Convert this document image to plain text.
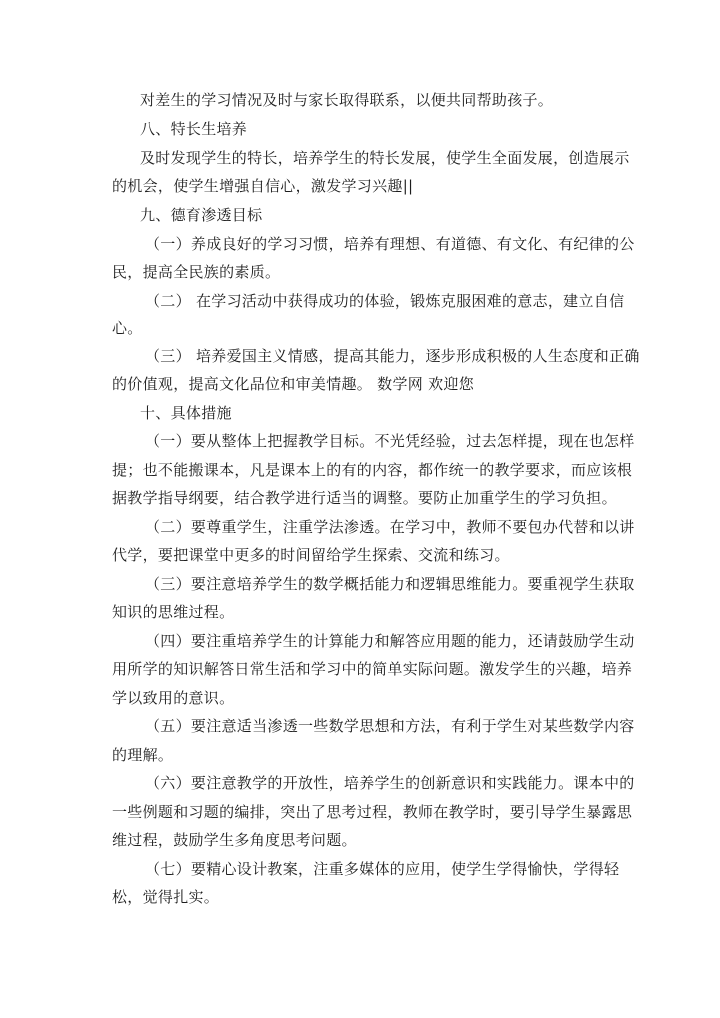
对差生的学习情况及时与家长取得联系，以便共同帮助孩子。
八、特长生培养
及时发现学生的特长，培养学生的特长发展，使学生全面发展，创造展示
的机会，使学生增强自信心，激发学习兴趣||
九、德育渗透目标
（一）养成良好的学习习惯，培养有理想、有道德、有文化、有纪律的公
民，提高全民族的素质。
（二） 在学习活动中获得成功的体验，锻炼克服困难的意志，建立自信
心。
（三） 培养爱国主义情感，提高其能力，逐步形成积极的人生态度和正确
的价值观，提高文化品位和审美情趣。 数学网 欢迎您
十、具体措施
（一）要从整体上把握教学目标。不光凭经验，过去怎样提，现在也怎样
提；也不能搬课本，凡是课本上的有的内容，都作统一的教学要求，而应该根
据教学指导纲要，结合教学进行适当的调整。要防止加重学生的学习负担。
（二）要尊重学生，注重学法渗透。在学习中，教师不要包办代替和以讲
代学，要把课堂中更多的时间留给学生探索、交流和练习。
（三）要注意培养学生的数学概括能力和逻辑思维能力。要重视学生获取
知识的思维过程。
（四）要注重培养学生的计算能力和解答应用题的能力，还请鼓励学生动
用所学的知识解答日常生活和学习中的简单实际问题。激发学生的兴趣，培养
学以致用的意识。
（五）要注意适当渗透一些数学思想和方法，有利于学生对某些数学内容
的理解。
（六）要注意教学的开放性，培养学生的创新意识和实践能力。课本中的
一些例题和习题的编排，突出了思考过程，教师在教学时，要引导学生暴露思
维过程，鼓励学生多角度思考问题。
（七）要精心设计教案，注重多媒体的应用，使学生学得愉快，学得轻
松，觉得扎实。
